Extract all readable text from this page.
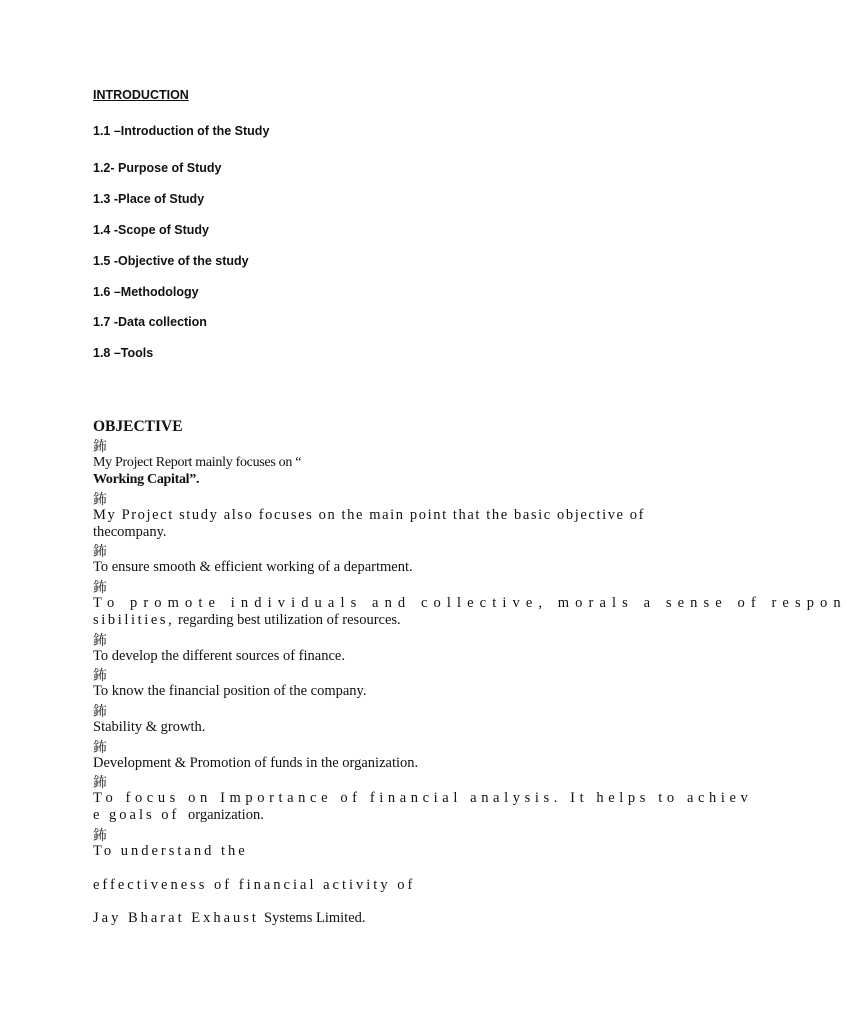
INTRODUCTION
1.1 –Introduction of the Study
1.2- Purpose of Study
1.3 -Place of Study
1.4 -Scope of Study
1.5 -Objective of the study
1.6 –Methodology
1.7 -Data collection
1.8 –Tools
OBJECTIVE
鈽
My Project Report mainly focuses on “
Working Capital”.
鈽
My Project study also focuses on the main point that the basic objective of
thecompany.
鈽
To ensure smooth & efficient working of a department.
鈽
To promote individuals and collective, morals a sense of respon
sibilities, regarding best utilization of resources.
鈽
To develop the different sources of finance.
鈽
To know the financial position of the company.
鈽
Stability & growth.
鈽
Development & Promotion of funds in the organization.
鈽
To focus on Importance of financial analysis. It helps to achiev
e goals of organization.
鈽
To understand the
effectiveness of financial activity of
Jay Bharat Exhaust Systems Limited.
